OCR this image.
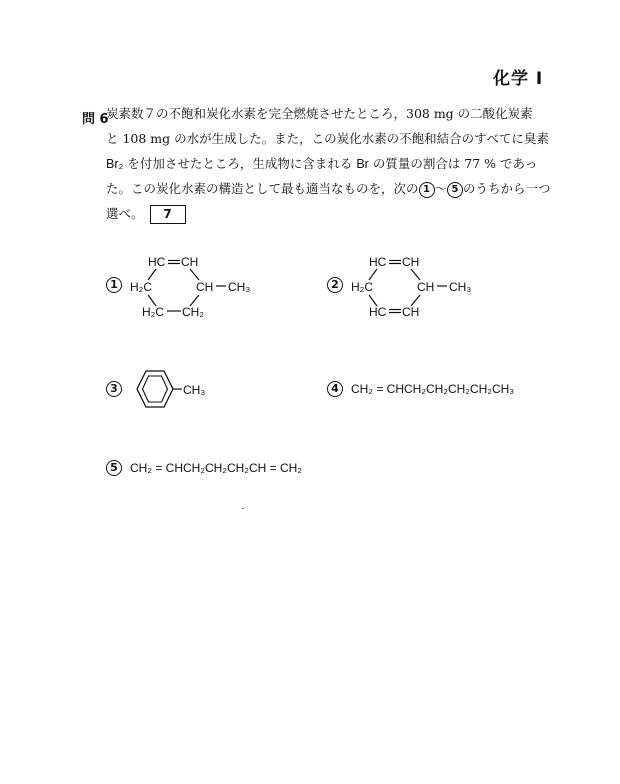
化学 I
問 6
炭素数７の不飽和炭化水素を完全燃焼させたところ，308 mg の二酸化炭素
と 108 mg の水が生成した。また，この炭化水素の不飽和結合のすべてに臭素
Br₂ を付加させたところ，生成物に含まれる Br の質量の割合は 77 % であっ
た。この炭化水素の構造として最も適当なものを，次の 1 ～ 5 のうちから一つ
選べ。 7
1
HC CH
H₂C	CH CH₃
H₂C CH₂
2
HC CH
H₂C	CH CH₃
HC CH
3	CH₃	4	CH₂ = CHCH₂CH₂CH₂CH₂CH₃
5	CH₂ = CHCH₂CH₂CH₂CH = CH₂
